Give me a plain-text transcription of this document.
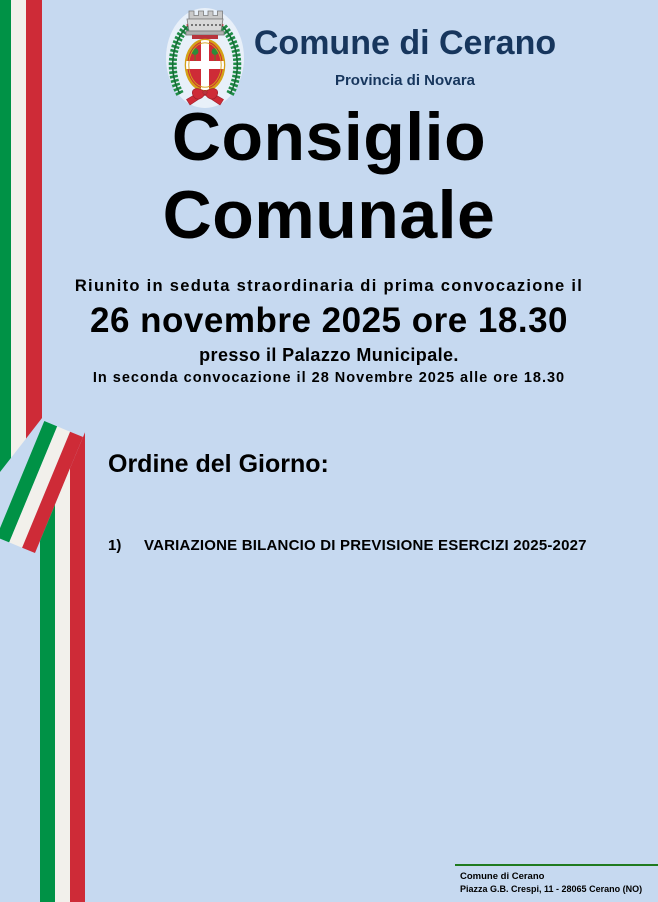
Comune di Cerano
Provincia di Novara
Consiglio
Comunale
Riunito in seduta straordinaria di prima convocazione il
26 novembre 2025 ore 18.30
presso il Palazzo Municipale.
In seconda convocazione il 28 Novembre 2025 alle ore 18.30
Ordine del Giorno:
1)	VARIAZIONE BILANCIO DI PREVISIONE ESERCIZI 2025-2027
Comune di Cerano
Piazza G.B. Crespi, 11 - 28065 Cerano (NO)
